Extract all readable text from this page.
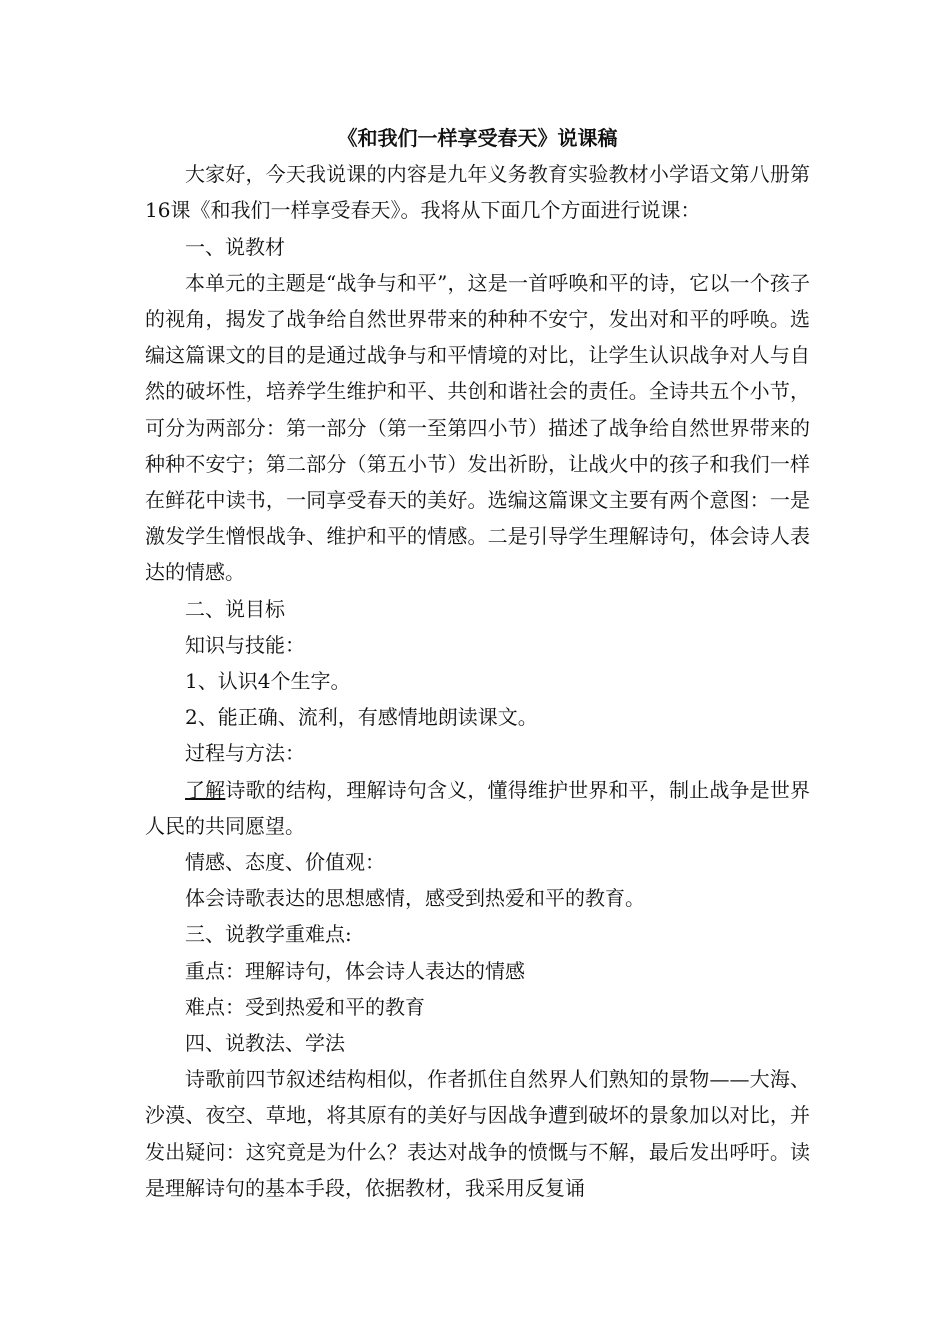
《和我们一样享受春天》说课稿

大家好，今天我说课的内容是九年义务教育实验教材小学语文第八册第16课《和我们一样享受春天》。我将从下面几个方面进行说课：

一、说教材

本单元的主题是“战争与和平”，这是一首呼唤和平的诗，它以一个孩子的视角，揭发了战争给自然世界带来的种种不安宁，发出对和平的呼唤。选编这篇课文的目的是通过战争与和平情境的对比，让学生认识战争对人与自然的破坏性，培养学生维护和平、共创和谐社会的责任。全诗共五个小节，可分为两部分：第一部分（第一至第四小节）描述了战争给自然世界带来的种种不安宁；第二部分（第五小节）发出祈盼，让战火中的孩子和我们一样在鲜花中读书，一同享受春天的美好。选编这篇课文主要有两个意图：一是激发学生憎恨战争、维护和平的情感。二是引导学生理解诗句，体会诗人表达的情感。

二、说目标

知识与技能：

1、认识4个生字。

2、能正确、流利，有感情地朗读课文。

过程与方法：

了解诗歌的结构，理解诗句含义，懂得维护世界和平，制止战争是世界人民的共同愿望。

情感、态度、价值观：

体会诗歌表达的思想感情，感受到热爱和平的教育。

三、说教学重难点:

重点：理解诗句，体会诗人表达的情感

难点：受到热爱和平的教育

四、说教法、学法

诗歌前四节叙述结构相似，作者抓住自然界人们熟知的景物——大海、沙漠、夜空、草地，将其原有的美好与因战争遭到破坏的景象加以对比，并发出疑问：这究竟是为什么？表达对战争的愤慨与不解，最后发出呼吁。读是理解诗句的基本手段，依据教材，我采用反复诵
